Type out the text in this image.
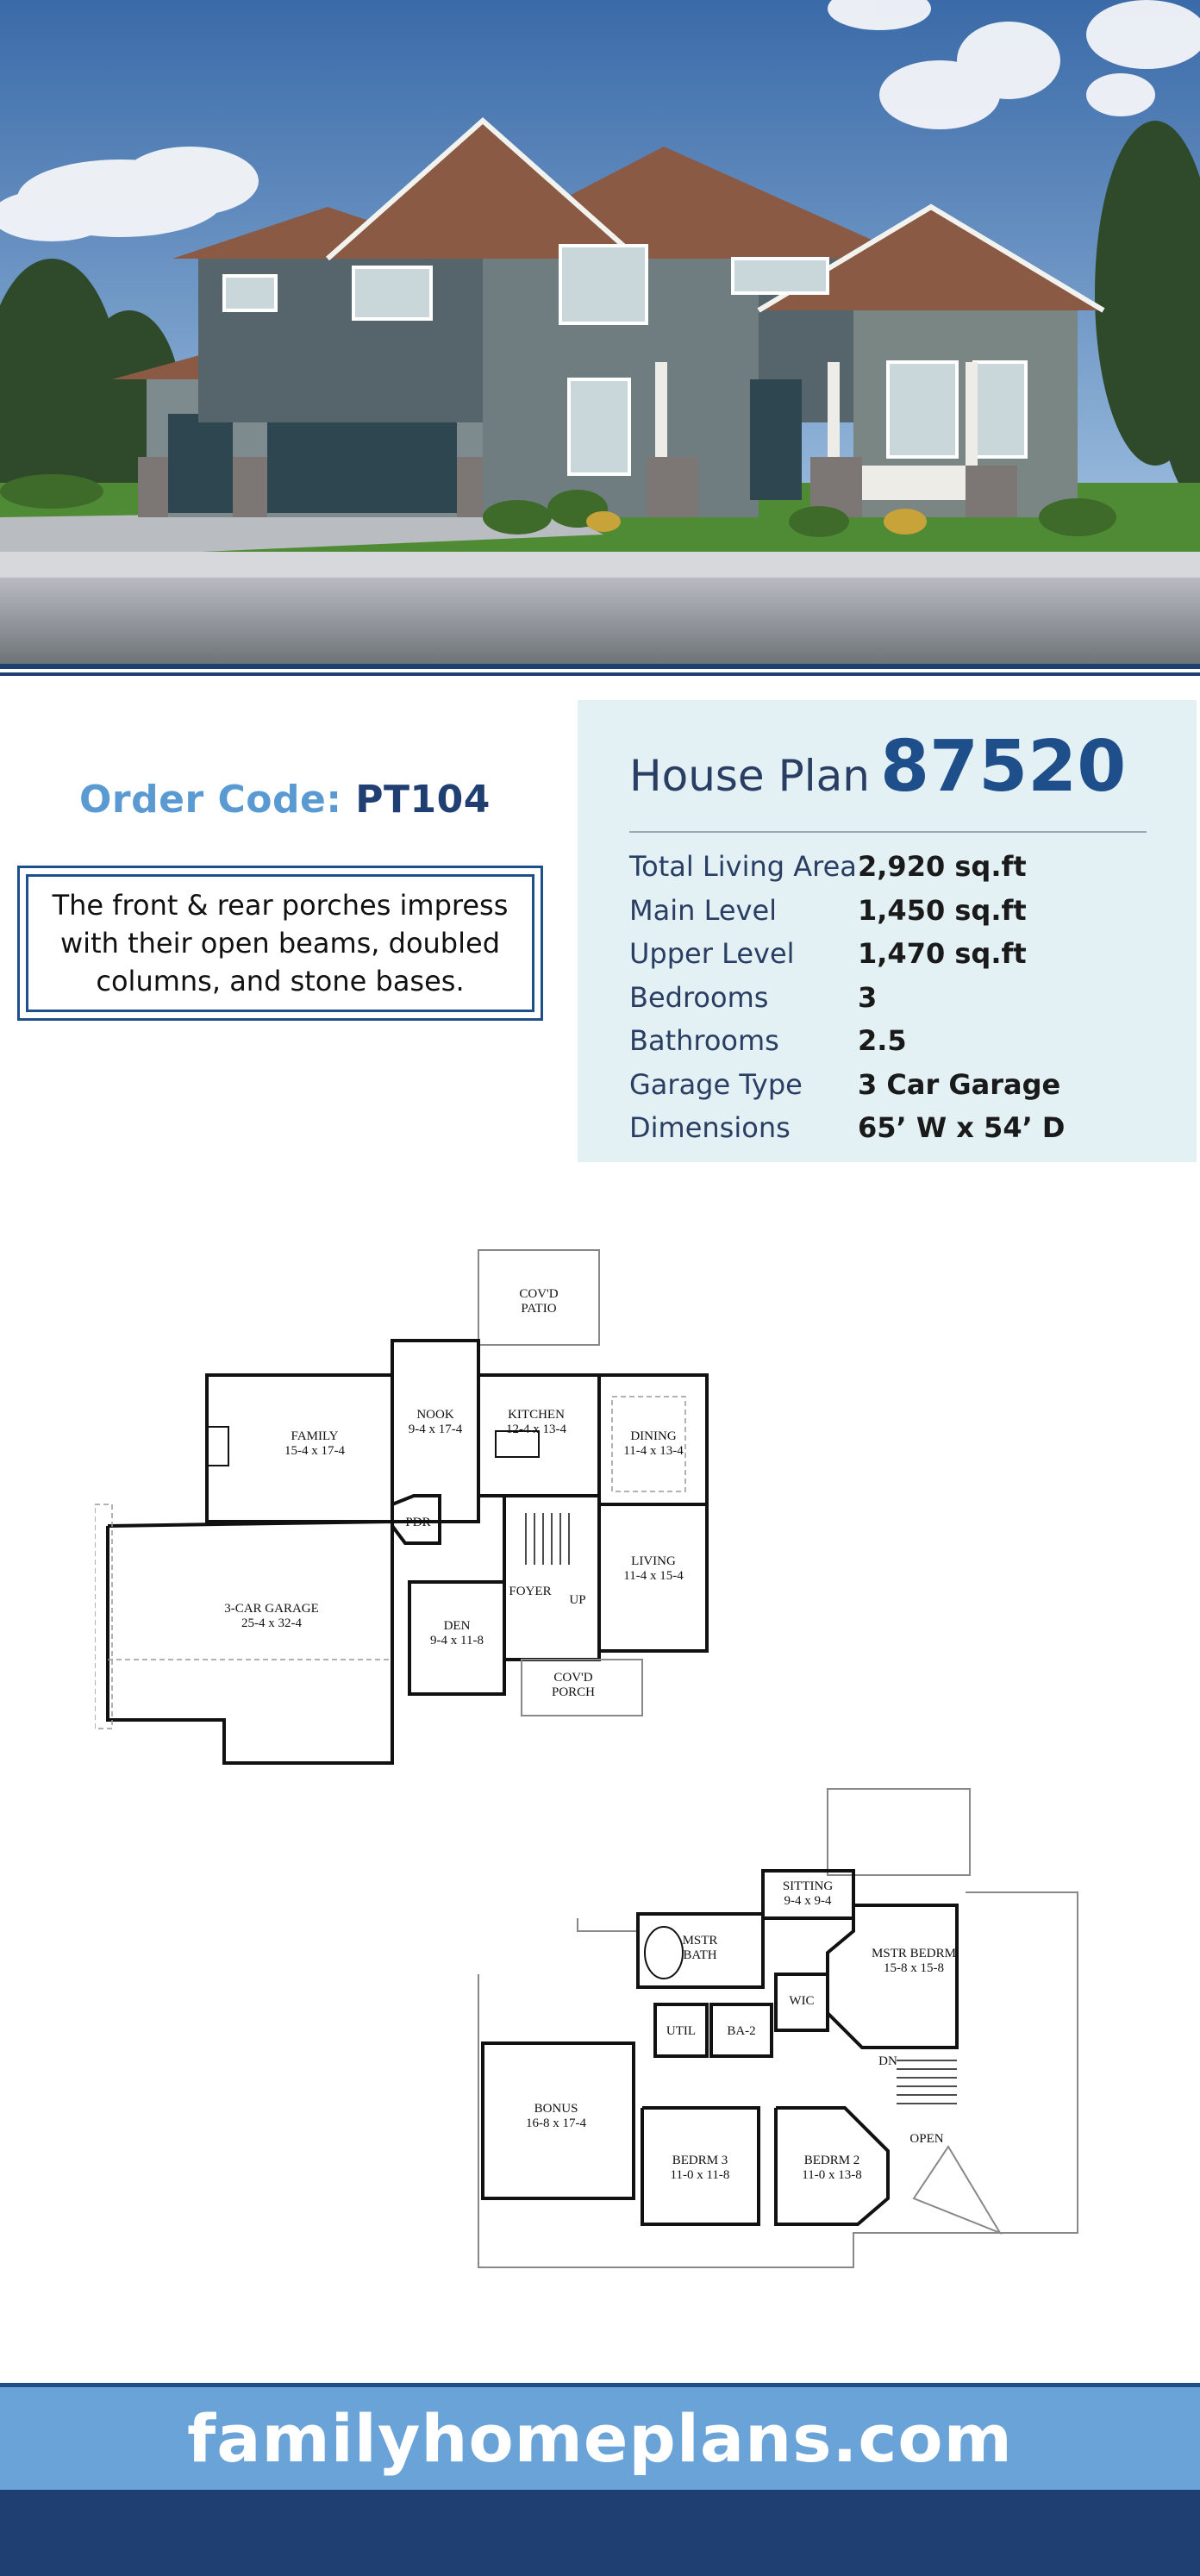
Order Code: PT104
The front & rear porches impress with their open beams, doubled columns, and stone bases.
House Plan 87520
Total Living Area	2,920 sq.ft
Main Level	1,450 sq.ft
Upper Level	1,470 sq.ft
Bedrooms	3
Bathrooms	2.5
Garage Type	3 Car Garage
Dimensions	65’ W x 54’ D
COV'D PATIO
FAMILY 15-4 x 17-4
NOOK 9-4 x 17-4
KITCHEN 12-4 x 13-4	DINING 11-4 x 13-4
PDR
LIVING 11-4 x 15-4
FOYER
UP
3-CAR GARAGE 25-4 x 32-4	DEN 9-4 x 11-8
COV'D PORCH
SITTING 9-4 x 9-4
MSTR BATH	MSTR BEDRM 15-8 x 15-8
WIC
UTIL BA-2
DN
BONUS 16-8 x 17-4
OPEN
BEDRM 3 11-0 x 11-8
BEDRM 2 11-0 x 13-8
familyhomeplans.com
